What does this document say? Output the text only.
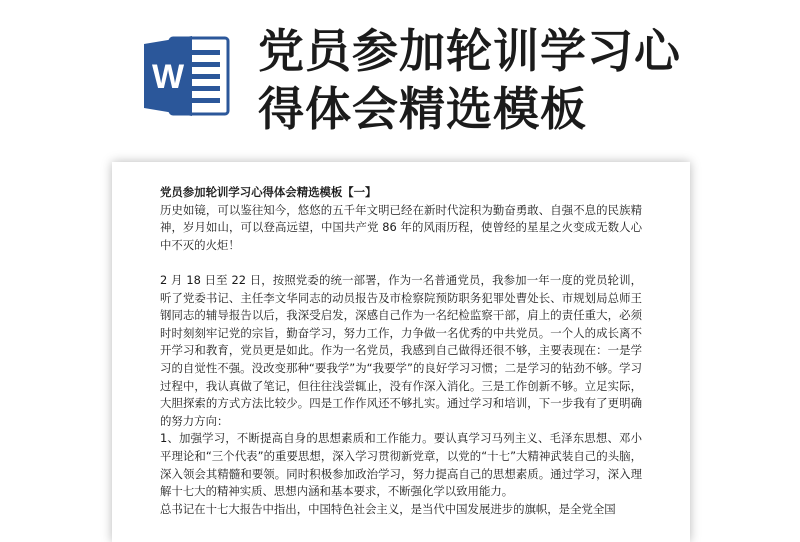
W 党员参加轮训学习心
得体会精选模板

党员参加轮训学习心得体会精选模板【一】

历史如镜，可以鉴往知今，悠悠的五千年文明已经在新时代淀积为勤奋勇敢、自强不息的民族精神，岁月如山，可以登高远望，中国共产党 86 年的风雨历程，使曾经的星星之火变成无数人心中不灭的火炬！

2 月 18 日至 22 日，按照党委的统一部署，作为一名普通党员，我参加一年一度的党员轮训，听了党委书记、主任李文华同志的动员报告及市检察院预防职务犯罪处曹处长、市规划局总师王钢同志的辅导报告以后，我深受启发，深感自己作为一名纪检监察干部，肩上的责任重大，必须时时刻刻牢记党的宗旨，勤奋学习，努力工作，力争做一名优秀的中共党员。一个人的成长离不开学习和教育，党员更是如此。作为一名党员，我感到自己做得还很不够，主要表现在：一是学习的自觉性不强。没改变那种“要我学”为“我要学”的良好学习习惯；二是学习的钻劲不够。学习过程中，我认真做了笔记，但往往浅尝辄止，没有作深入消化。三是工作创新不够。立足实际，大胆探索的方式方法比较少。四是工作作风还不够扎实。通过学习和培训，下一步我有了更明确的努力方向：

1、加强学习，不断提高自身的思想素质和工作能力。要认真学习马列主义、毛泽东思想、邓小平理论和“三个代表”的重要思想，深入学习贯彻新党章，以党的“十七”大精神武装自己的头脑，深入领会其精髓和要领。同时积极参加政治学习，努力提高自己的思想素质。通过学习，深入理解十七大的精神实质、思想内涵和基本要求，不断强化学以致用能力。

总书记在十七大报告中指出，中国特色社会主义，是当代中国发展进步的旗帜，是全党全国
